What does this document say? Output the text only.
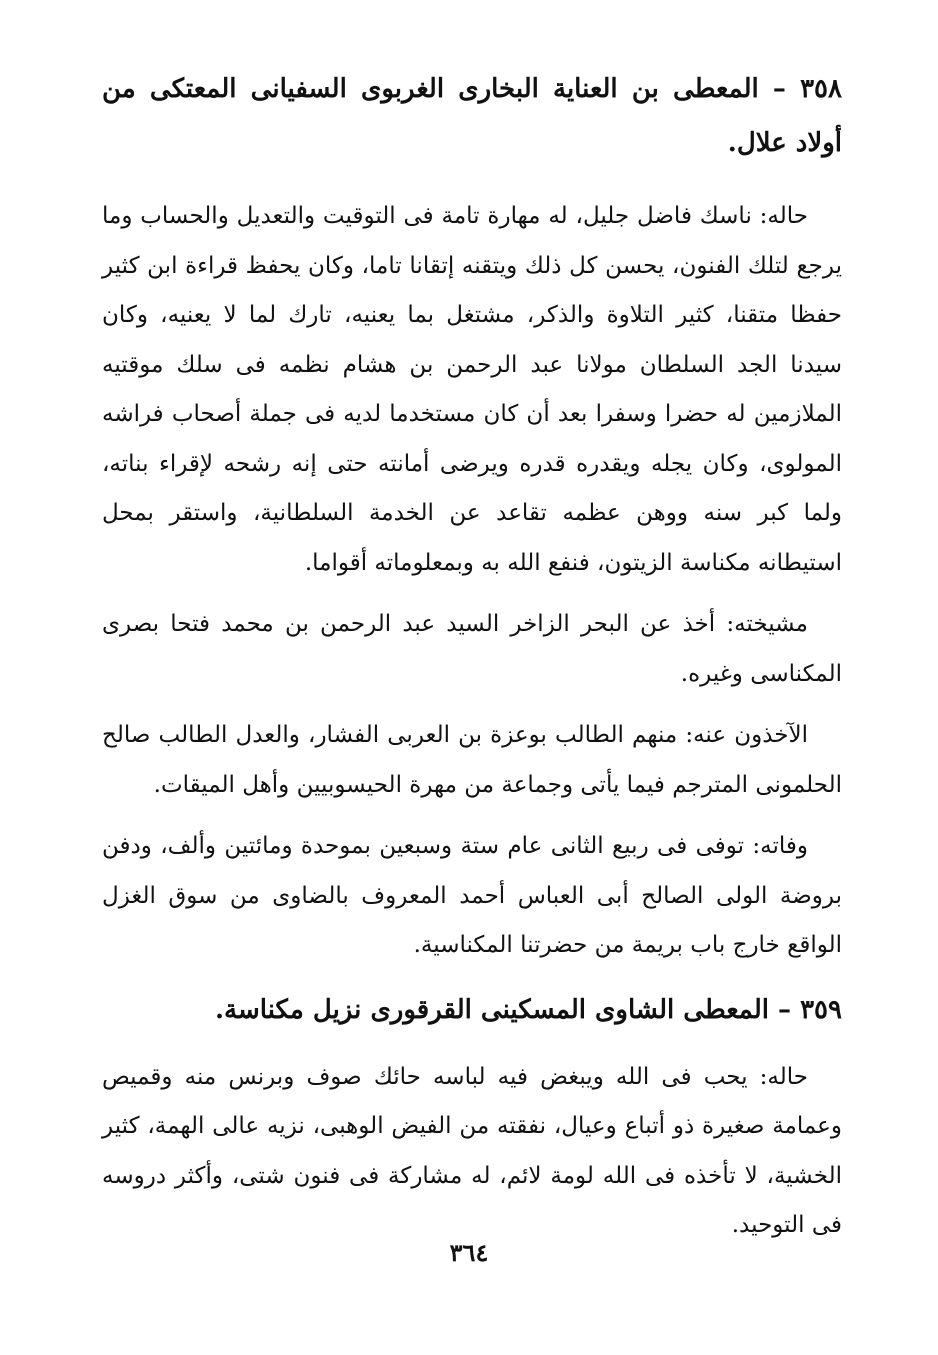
٣٥٨ – المعطى بن العناية البخارى الغربوى السفيانى المعتكى من أولاد علال.

حاله: ناسك فاضل جليل، له مهارة تامة فى التوقيت والتعديل والحساب وما يرجع لتلك الفنون، يحسن كل ذلك ويتقنه إتقانا تاما، وكان يحفظ قراءة ابن كثير حفظا متقنا، كثير التلاوة والذكر، مشتغل بما يعنيه، تارك لما لا يعنيه، وكان سيدنا الجد السلطان مولانا عبد الرحمن بن هشام نظمه فى سلك موقتيه الملازمين له حضرا وسفرا بعد أن كان مستخدما لديه فى جملة أصحاب فراشه المولوى، وكان يجله ويقدره قدره ويرضى أمانته حتى إنه رشحه لإقراء بناته، ولما كبر سنه ووهن عظمه تقاعد عن الخدمة السلطانية، واستقر بمحل استيطانه مكناسة الزيتون، فنفع الله به وبمعلوماته أقواما.

مشيخته: أخذ عن البحر الزاخر السيد عبد الرحمن بن محمد فتحا بصرى المكناسى وغيره.

الآخذون عنه: منهم الطالب بوعزة بن العربى الفشار، والعدل الطالب صالح الحلمونى المترجم فيما يأتى وجماعة من مهرة الحيسوبيين وأهل الميقات.

وفاته: توفى فى ربيع الثانى عام ستة وسبعين بموحدة ومائتين وألف، ودفن بروضة الولى الصالح أبى العباس أحمد المعروف بالضاوى من سوق الغزل الواقع خارج باب بريمة من حضرتنا المكناسية.

٣٥٩ – المعطى الشاوى المسكينى القرقورى نزيل مكناسة.

حاله: يحب فى الله ويبغض فيه لباسه حائك صوف وبرنس منه وقميص وعمامة صغيرة ذو أتباع وعيال، نفقته من الفيض الوهبى، نزيه عالى الهمة، كثير الخشية، لا تأخذه فى الله لومة لائم، له مشاركة فى فنون شتى، وأكثر دروسه فى التوحيد.

٣٦٤
